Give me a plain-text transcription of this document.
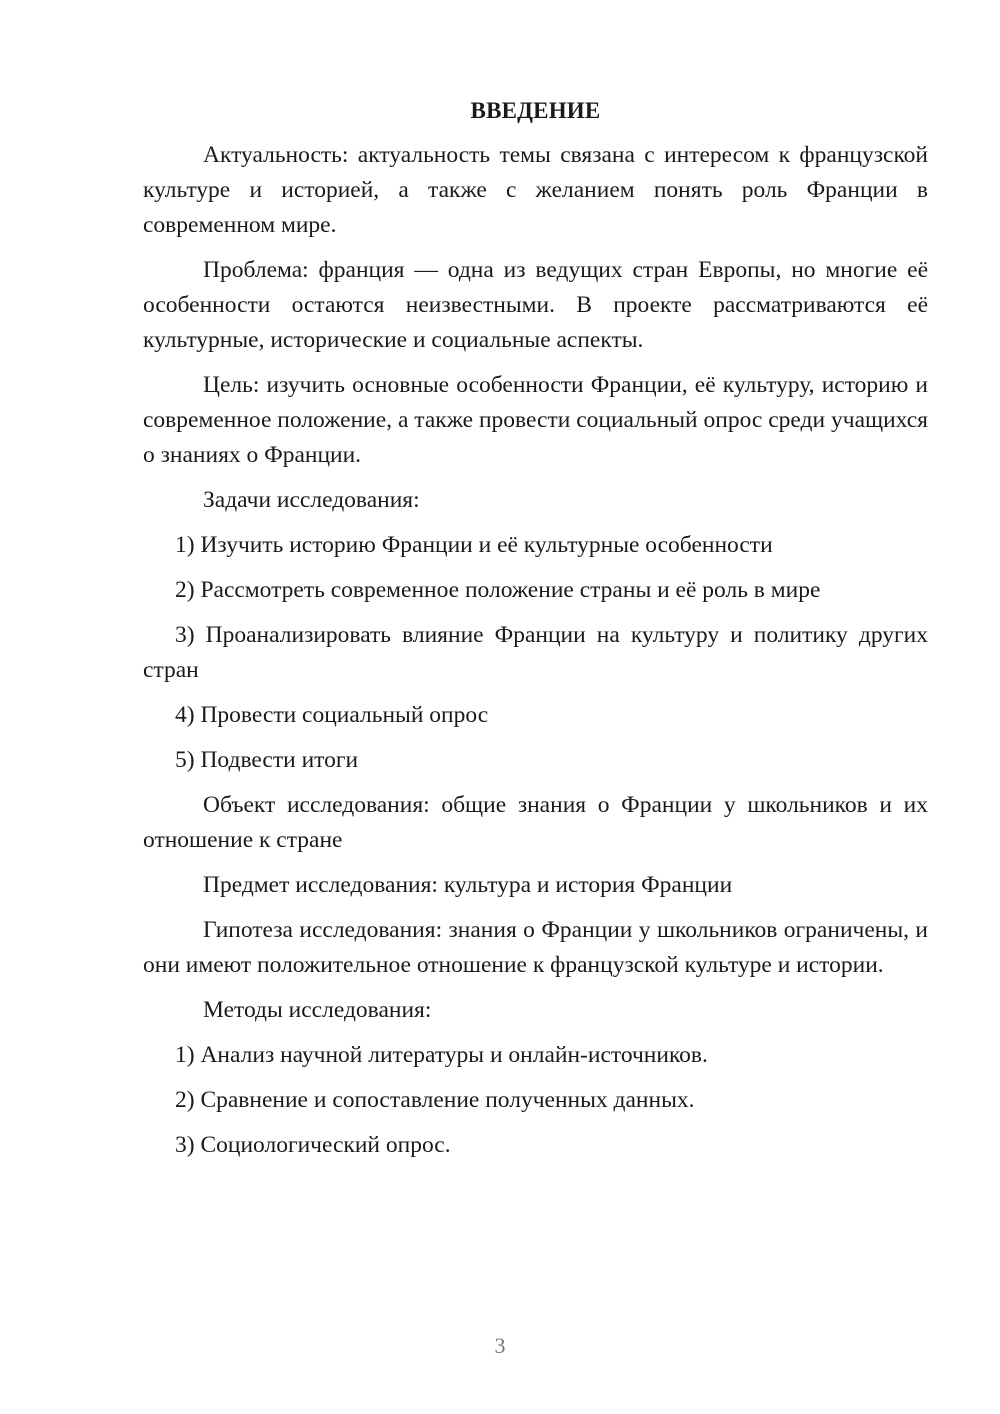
ВВЕДЕНИЕ

Актуальность: актуальность темы связана с интересом к французской культуре и историей, а также с желанием понять роль Франции в современном мире.

Проблема: франция — одна из ведущих стран Европы, но многие её особенности остаются неизвестными. В проекте рассматриваются её культурные, исторические и социальные аспекты.

Цель: изучить основные особенности Франции, её культуру, историю и современное положение, а также провести социальный опрос среди учащихся о знаниях о Франции.

Задачи исследования:

1) Изучить историю Франции и её культурные особенности

2) Рассмотреть современное положение страны и её роль в мире

3) Проанализировать влияние Франции на культуру и политику других стран

4) Провести социальный опрос

5) Подвести итоги

Объект исследования: общие знания о Франции у школьников и их отношение к стране

Предмет исследования: культура и история Франции

Гипотеза исследования: знания о Франции у школьников ограничены, и они имеют положительное отношение к французской культуре и истории.

Методы исследования:

1) Анализ научной литературы и онлайн-источников.

2) Сравнение и сопоставление полученных данных.

3) Социологический опрос.

3
